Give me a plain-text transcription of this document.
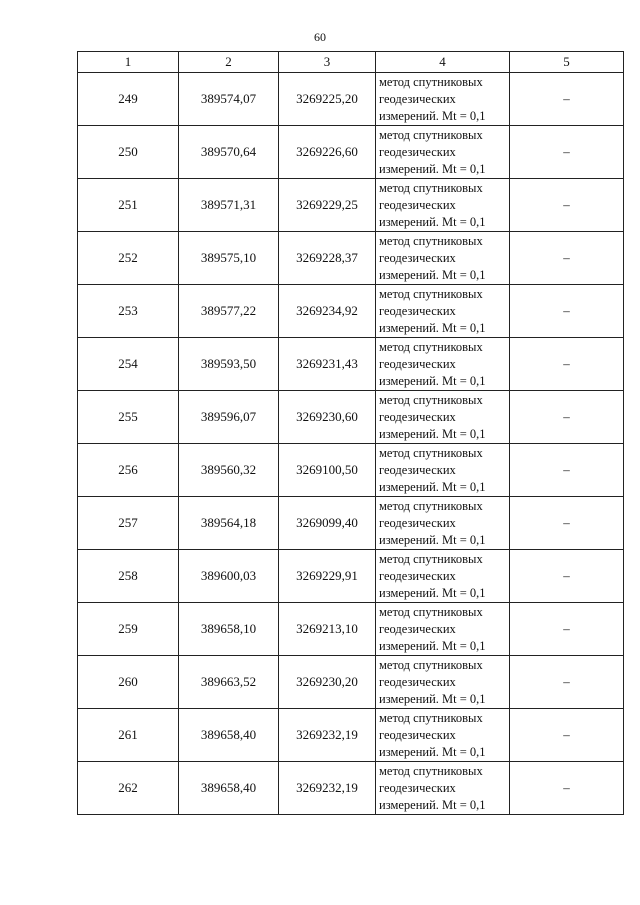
60
1	2	3	4	5
249	389574,07	3269225,20	метод спутниковых
геодезических
измерений. Mt = 0,1	–
250	389570,64	3269226,60	метод спутниковых
геодезических
измерений. Mt = 0,1	–
251	389571,31	3269229,25	метод спутниковых
геодезических
измерений. Mt = 0,1	–
252	389575,10	3269228,37	метод спутниковых
геодезических
измерений. Mt = 0,1	–
253	389577,22	3269234,92	метод спутниковых
геодезических
измерений. Mt = 0,1	–
254	389593,50	3269231,43	метод спутниковых
геодезических
измерений. Mt = 0,1	–
255	389596,07	3269230,60	метод спутниковых
геодезических
измерений. Mt = 0,1	–
256	389560,32	3269100,50	метод спутниковых
геодезических
измерений. Mt = 0,1	–
257	389564,18	3269099,40	метод спутниковых
геодезических
измерений. Mt = 0,1	–
258	389600,03	3269229,91	метод спутниковых
геодезических
измерений. Mt = 0,1	–
259	389658,10	3269213,10	метод спутниковых
геодезических
измерений. Mt = 0,1	–
260	389663,52	3269230,20	метод спутниковых
геодезических
измерений. Mt = 0,1	–
261	389658,40	3269232,19	метод спутниковых
геодезических
измерений. Mt = 0,1	–
262	389658,40	3269232,19	метод спутниковых
геодезических
измерений. Mt = 0,1	–
